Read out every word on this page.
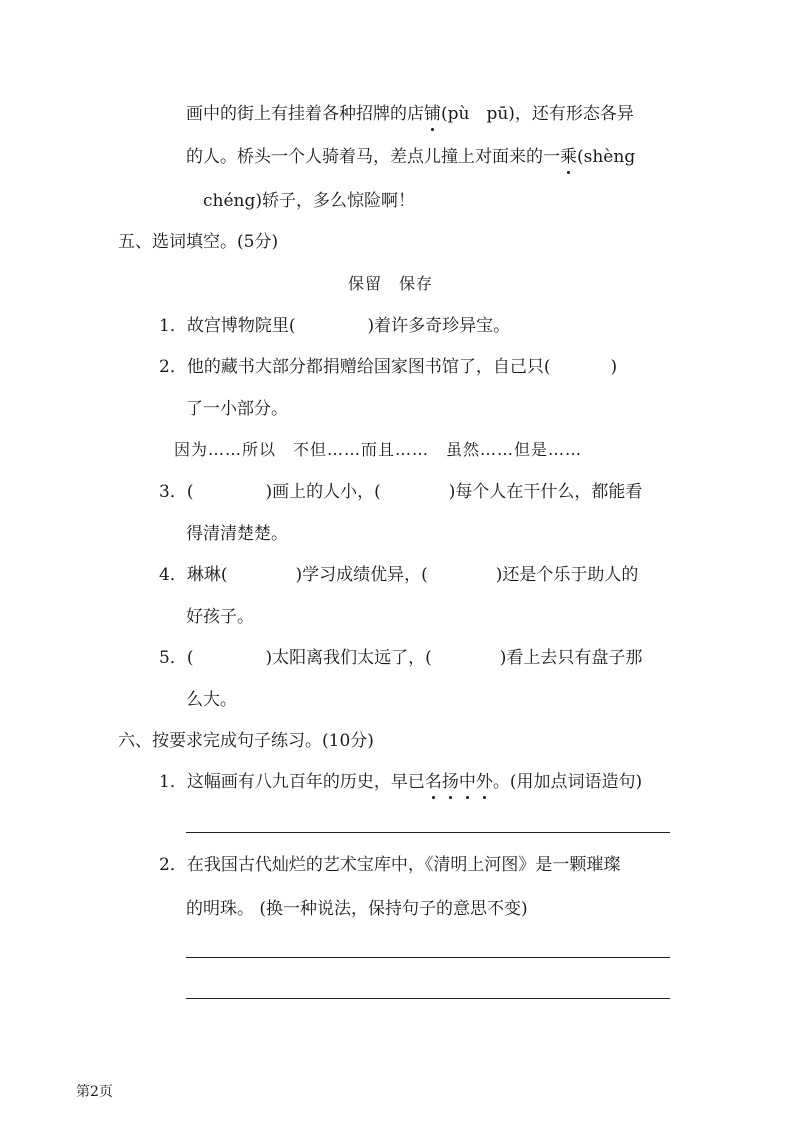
画中的街上有挂着各种招牌的店铺(pù　pū)，还有形态各异
的人。桥头一个人骑着马，差点儿撞上对面来的一乘(shèng
chéng)轿子，多么惊险啊！
五、选词填空。(5分)
保留　保存
1．故宫博物院里(	)着许多奇珍异宝。
2．他的藏书大部分都捐赠给国家图书馆了，自己只(	)
了一小部分。
因为……所以　不但……而且……　虽然……但是……
3．(	)画上的人小，(	)每个人在干什么，都能看
得清清楚楚。
4．琳琳(	)学习成绩优异，(	)还是个乐于助人的
好孩子。
5．(	)太阳离我们太远了，(	)看上去只有盘子那
么大。
六、按要求完成句子练习。(10分)
1．这幅画有八九百年的历史，早已名扬中外。(用加点词语造句)
2．在我国古代灿烂的艺术宝库中，《清明上河图》是一颗璀璨
的明珠。 (换一种说法，保持句子的意思不变)
第2页
